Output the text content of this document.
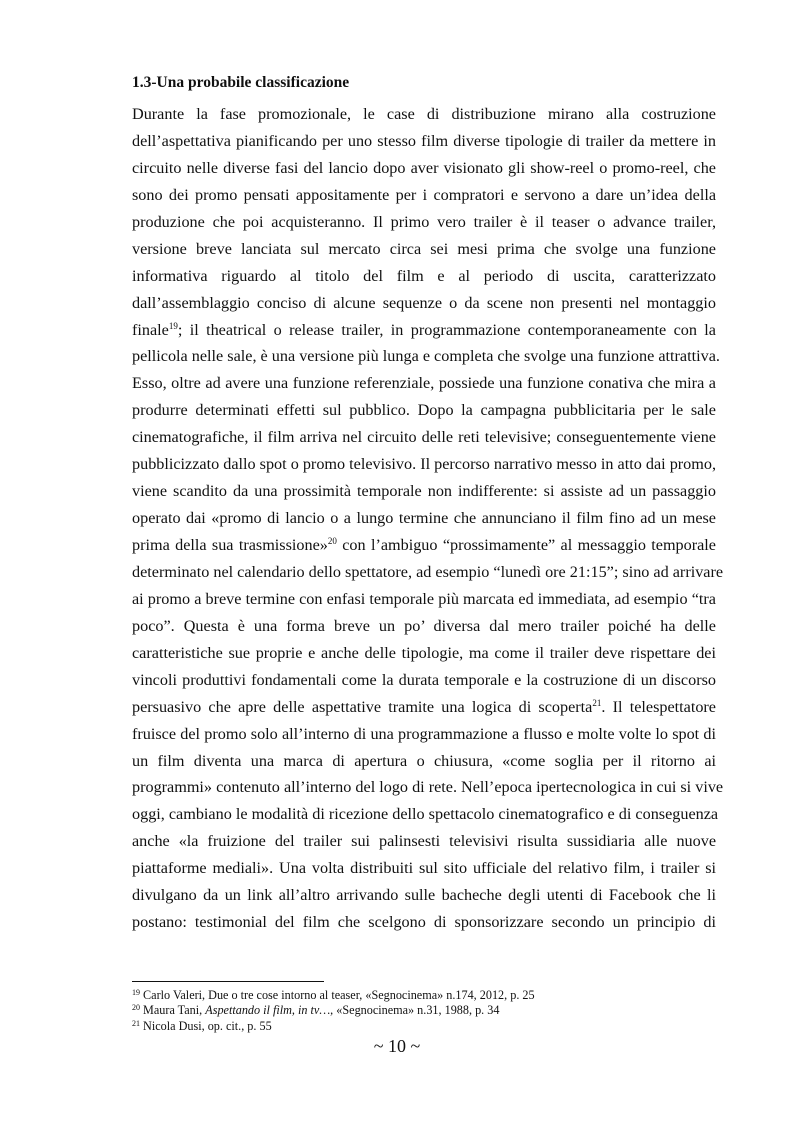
1.3-Una probabile classificazione
Durante la fase promozionale, le case di distribuzione mirano alla costruzione
dell’aspettativa pianificando per uno stesso film diverse tipologie di trailer da mettere in
circuito nelle diverse fasi del lancio dopo aver visionato gli show-reel o promo-reel, che
sono dei promo pensati appositamente per i compratori e servono a dare un’idea della
produzione che poi acquisteranno. Il primo vero trailer è il teaser o advance trailer,
versione breve lanciata sul mercato circa sei mesi prima che svolge una funzione
informativa riguardo al titolo del film e al periodo di uscita, caratterizzato
dall’assemblaggio conciso di alcune sequenze o da scene non presenti nel montaggio
finale$^{19}$; il theatrical o release trailer, in programmazione contemporaneamente con la
pellicola nelle sale, è una versione più lunga e completa che svolge una funzione attrattiva.
Esso, oltre ad avere una funzione referenziale, possiede una funzione conativa che mira a
produrre determinati effetti sul pubblico. Dopo la campagna pubblicitaria per le sale
cinematografiche, il film arriva nel circuito delle reti televisive; conseguentemente viene
pubblicizzato dallo spot o promo televisivo. Il percorso narrativo messo in atto dai promo,
viene scandito da una prossimità temporale non indifferente: si assiste ad un passaggio
operato dai «promo di lancio o a lungo termine che annunciano il film fino ad un mese
prima della sua trasmissione»$^{20}$ con l’ambiguo “prossimamente” al messaggio temporale
determinato nel calendario dello spettatore, ad esempio “lunedì ore 21:15”; sino ad arrivare
ai promo a breve termine con enfasi temporale più marcata ed immediata, ad esempio “tra
poco”. Questa è una forma breve un po’ diversa dal mero trailer poiché ha delle
caratteristiche sue proprie e anche delle tipologie, ma come il trailer deve rispettare dei
vincoli produttivi fondamentali come la durata temporale e la costruzione di un discorso
persuasivo che apre delle aspettative tramite una logica di scoperta$^{21}$. Il telespettatore
fruisce del promo solo all’interno di una programmazione a flusso e molte volte lo spot di
un film diventa una marca di apertura o chiusura, «come soglia per il ritorno ai
programmi» contenuto all’interno del logo di rete. Nell’epoca ipertecnologica in cui si vive
oggi, cambiano le modalità di ricezione dello spettacolo cinematografico e di conseguenza
anche «la fruizione del trailer sui palinsesti televisivi risulta sussidiaria alle nuove
piattaforme mediali». Una volta distribuiti sul sito ufficiale del relativo film, i trailer si
divulgano da un link all’altro arrivando sulle bacheche degli utenti di Facebook che li
postano: testimonial del film che scelgono di sponsorizzare secondo un principio di
$^{19}$ Carlo Valeri, Due o tre cose intorno al teaser, «Segnocinema» n.174, 2012, p. 25
$^{20}$ Maura Tani, Aspettando il film, in tv…, «Segnocinema» n.31, 1988, p. 34
$^{21}$ Nicola Dusi, op. cit., p. 55
~ 10 ~
